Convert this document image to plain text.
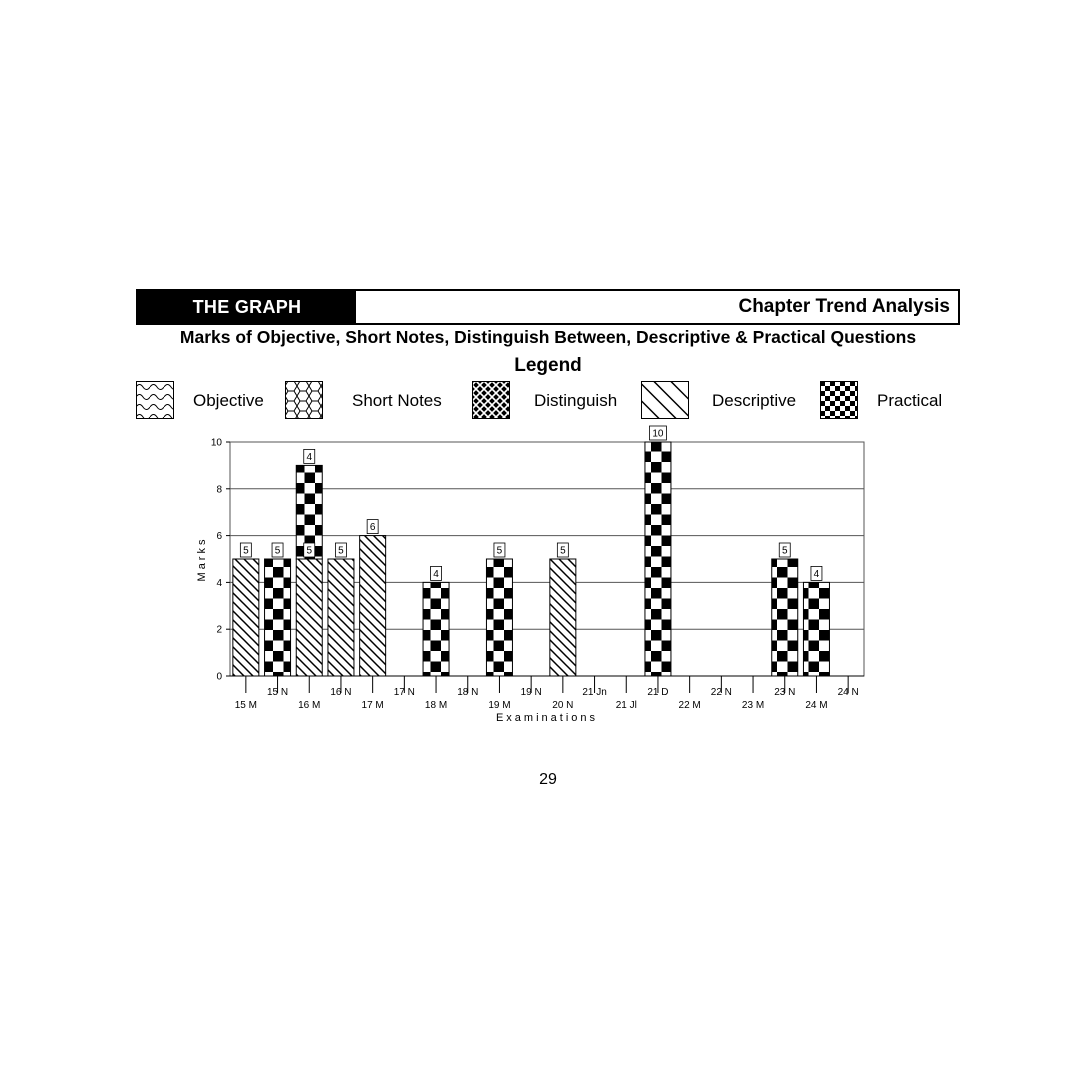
THE GRAPH	Chapter Trend Analysis
Marks of Objective, Short Notes, Distinguish Between, Descriptive & Practical Questions
Legend
Objective	Short Notes	Distinguish	Descriptive	Practical
5	5	5
4
5
6
4
5	5
10
5
4
0
2
4
6
8
10
Marks
15 M
15 N
16 M
16 N
17 M
17 N
18 M
18 N
19 M
19 N
20 N
21 Jn
21 Jl
21 D
22 M
22 N
23 M
23 N
24 M
24 N
Examinations
29
